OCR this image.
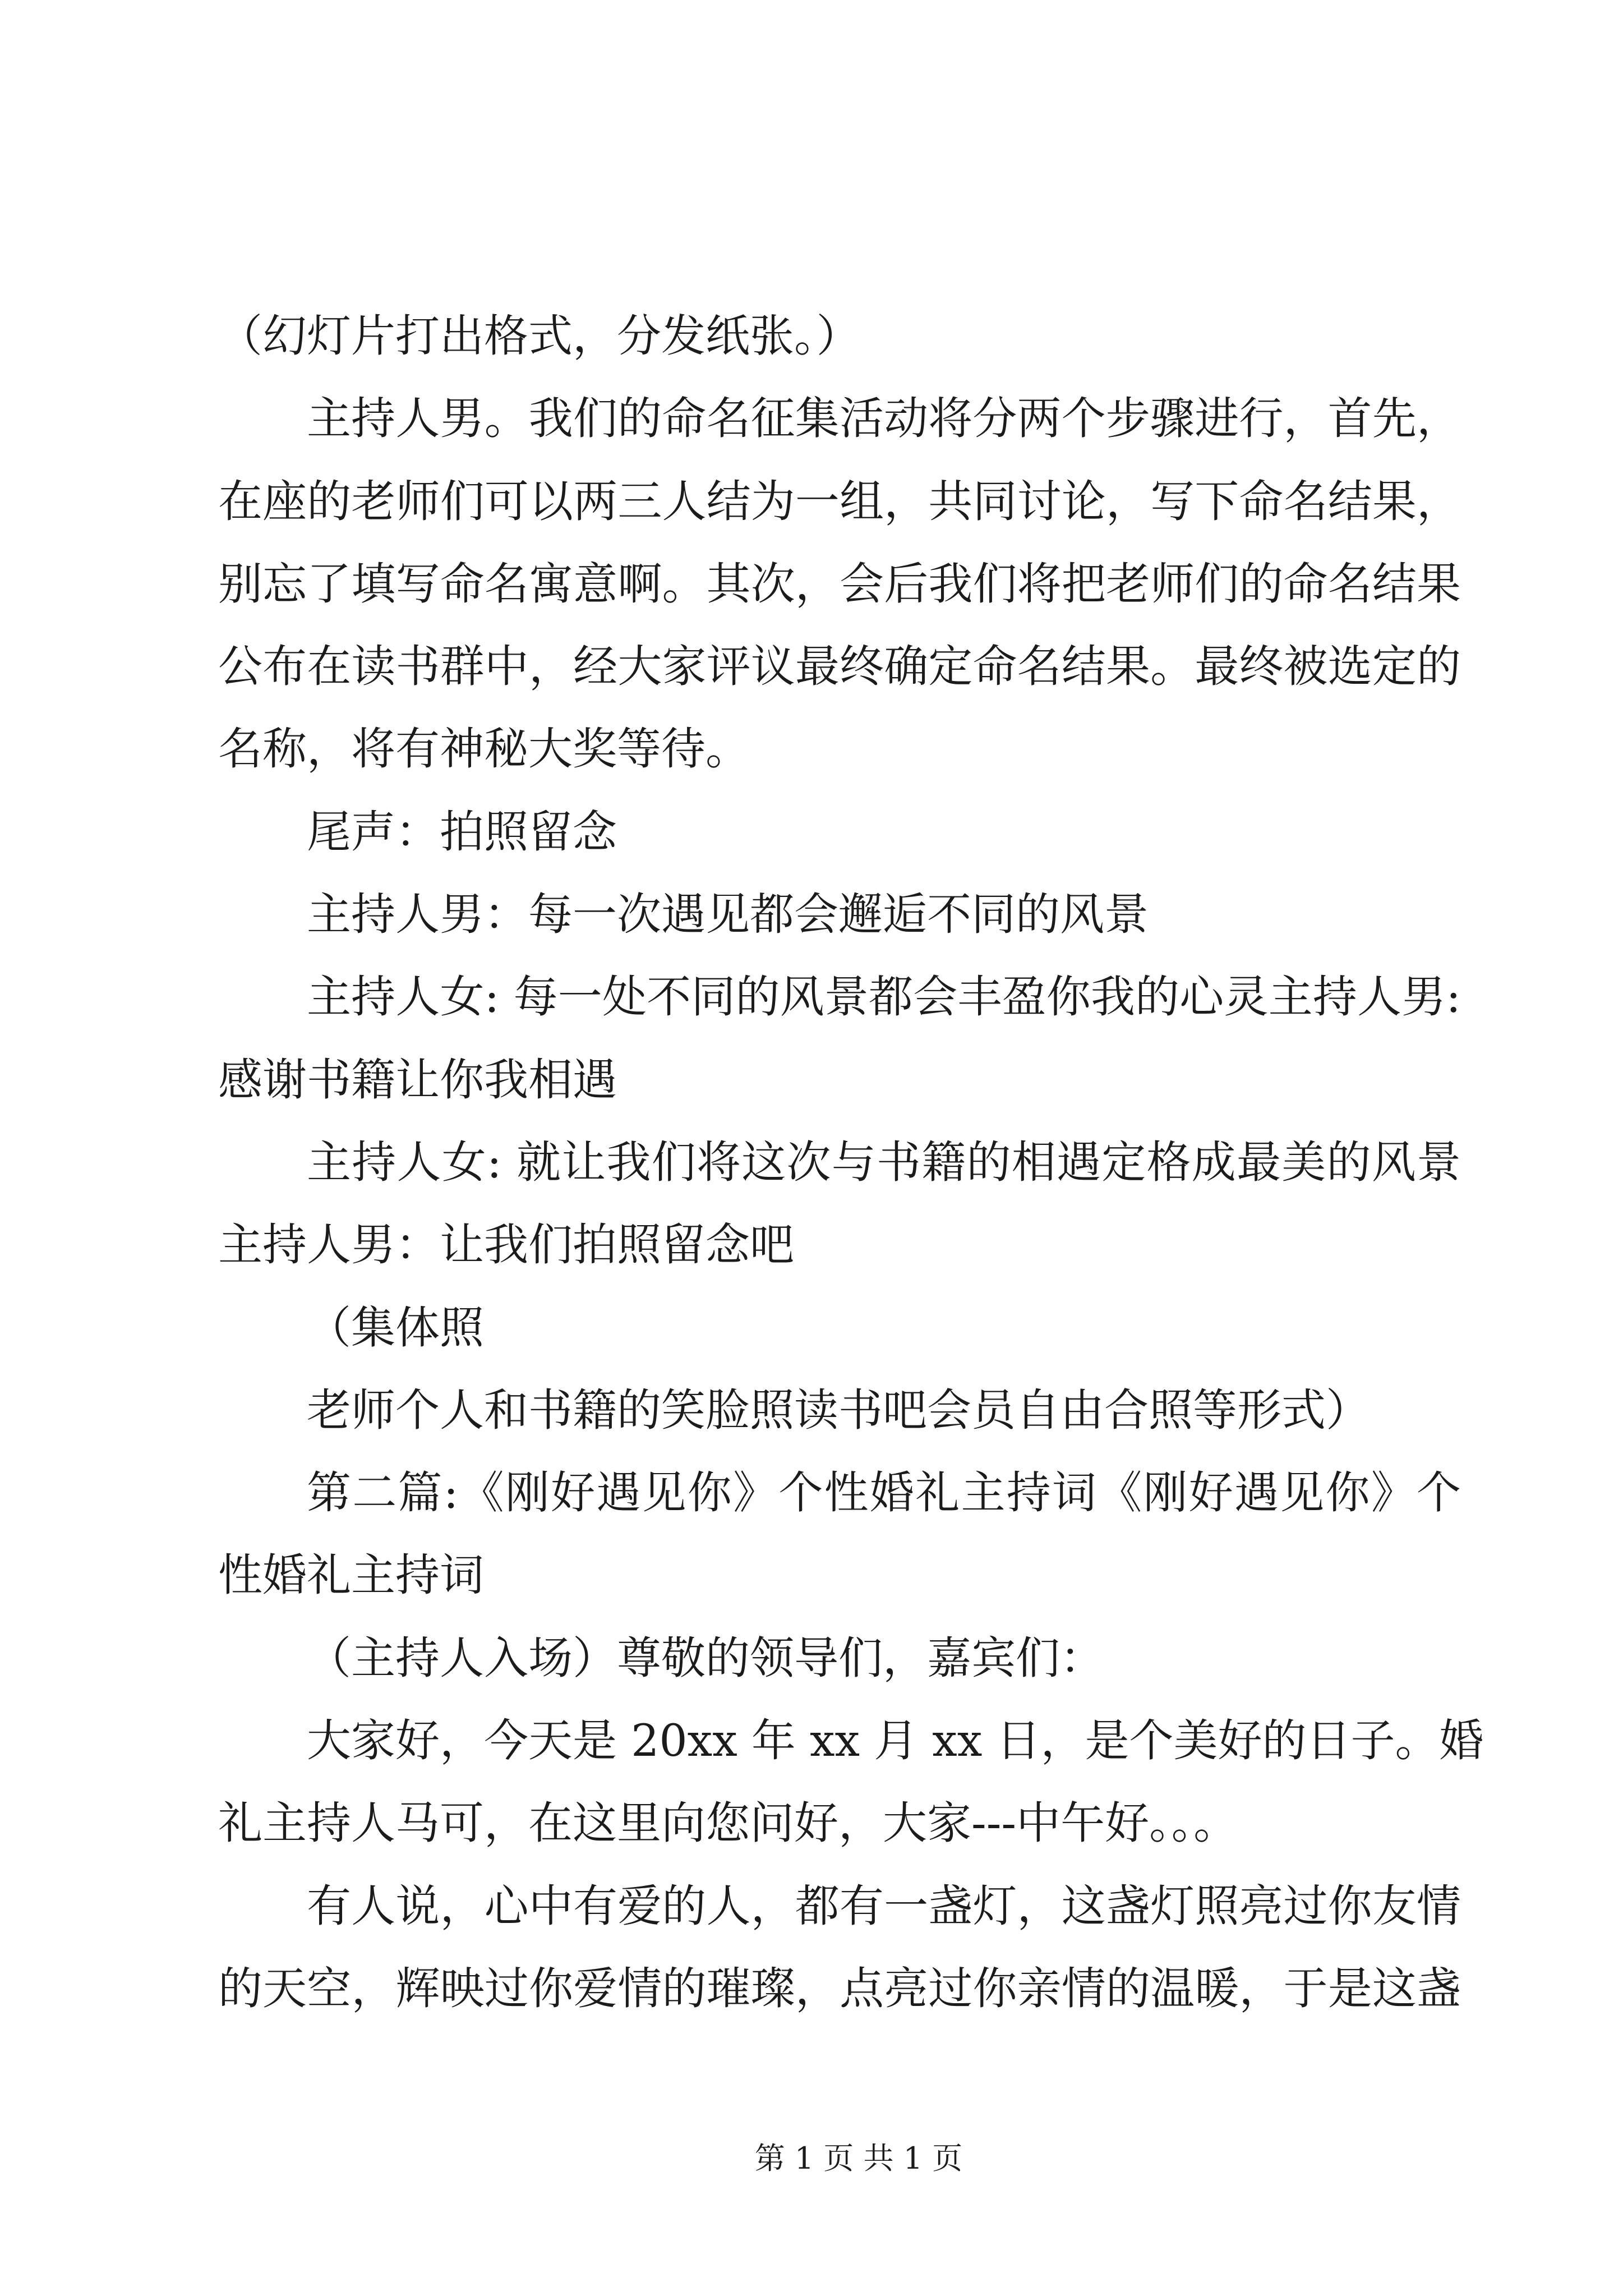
（幻灯片打出格式，分发纸张。）
主持人男。我们的命名征集活动将分两个步骤进行，首先，
在座的老师们可以两三人结为一组，共同讨论，写下命名结果，
别忘了填写命名寓意啊。其次，会后我们将把老师们的命名结果
公布在读书群中，经大家评议最终确定命名结果。最终被选定的
名称，将有神秘大奖等待。
尾声：拍照留念
主持人男：每一次遇见都会邂逅不同的风景
主持人女: 每一处不同的风景都会丰盈你我的心灵主持人男:
感谢书籍让你我相遇
主持人女: 就让我们将这次与书籍的相遇定格成最美的风景
主持人男：让我们拍照留念吧
（集体照
老师个人和书籍的笑脸照读书吧会员自由合照等形式）
第二篇:《刚好遇见你》个性婚礼主持词《刚好遇见你》个
性婚礼主持词
（主持人入场）尊敬的领导们，嘉宾们：
大家好，今天是 20xx 年 xx 月 xx 日，是个美好的日子。婚
礼主持人马可，在这里向您问好，大家---中午好。。。
有人说，心中有爱的人，都有一盏灯，这盏灯照亮过你友情
的天空，辉映过你爱情的璀璨，点亮过你亲情的温暖，于是这盏
第 1 页 共 1 页
